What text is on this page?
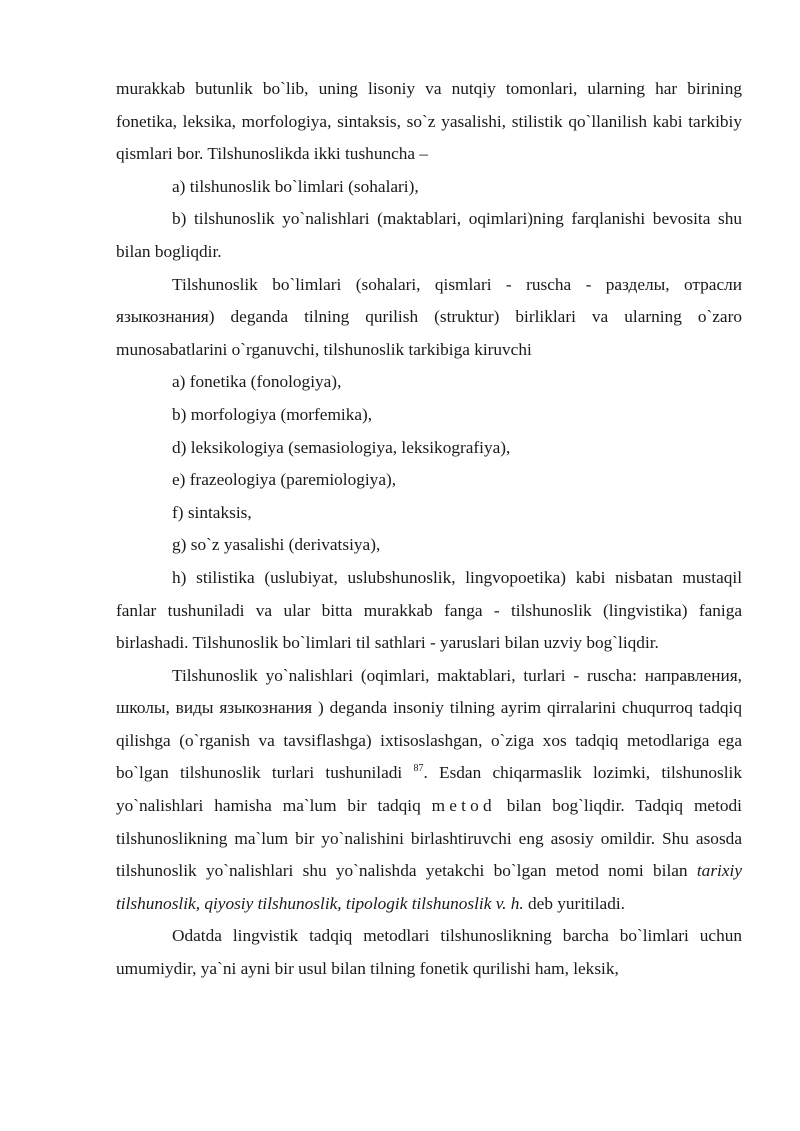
murakkab butunlik bo`lib, uning lisoniy va nutqiy tomonlari, ularning har birining fonetika, leksika, morfologiya, sintaksis, so`z yasalishi, stilistik qo`llanilish kabi tarkibiy qismlari bor. Tilshunoslikda ikki tushuncha –

a) tilshunoslik bo`limlari (sohalari),

b) tilshunoslik yo`nalishlari (maktablari, oqimlari)ning farqlanishi bevosita shu bilan bogliqdir.

Tilshunoslik bo`limlari (sohalari, qismlari - ruscha - разделы, отрасли языкознания) deganda tilning qurilish (struktur) birliklari va ularning o`zaro munosabatlarini o`rganuvchi, tilshunoslik tarkibiga kiruvchi

a) fonetika (fonologiya),

b) morfologiya (morfemika),

d) leksikologiya (semasiologiya, leksikografiya),

e) frazeologiya (paremiologiya),

f) sintaksis,

g) so`z yasalishi (derivatsiya),

h) stilistika (uslubiyat, uslubshunoslik, lingvopoetika) kabi nisbatan mustaqil fanlar tushuniladi va ular bitta murakkab fanga - tilshunoslik (lingvistika) faniga birlashadi. Tilshunoslik bo`limlari til sathlari - yaruslari bilan uzviy bog`liqdir.

Tilshunoslik yo`nalishlari (oqimlari, maktablari, turlari - ruscha: направления, школы, виды языкознания ) deganda insoniy tilning ayrim qirralarini chuqurroq tadqiq qilishga (o`rganish va tavsiflashga) ixtisoslashgan, o`ziga xos tadqiq metodlariga ega bo`lgan tilshunoslik turlari tushuniladi $^{87}$. Esdan chiqarmaslik lozimki, tilshunoslik yo`nalishlari hamisha ma`lum bir tadqiq metod bilan bog`liqdir. Tadqiq metodi tilshunoslikning ma`lum bir yo`nalishini birlashtiruvchi eng asosiy omildir. Shu asosda tilshunoslik yo`nalishlari shu yo`nalishda yetakchi bo`lgan metod nomi bilan tarixiy tilshunoslik, qiyosiy tilshunoslik, tipologik tilshunoslik v. h. deb yuritiladi.

Odatda lingvistik tadqiq metodlari tilshunoslikning barcha bo`limlari uchun umumiydir, ya`ni ayni bir usul bilan tilning fonetik qurilishi ham, leksik,
